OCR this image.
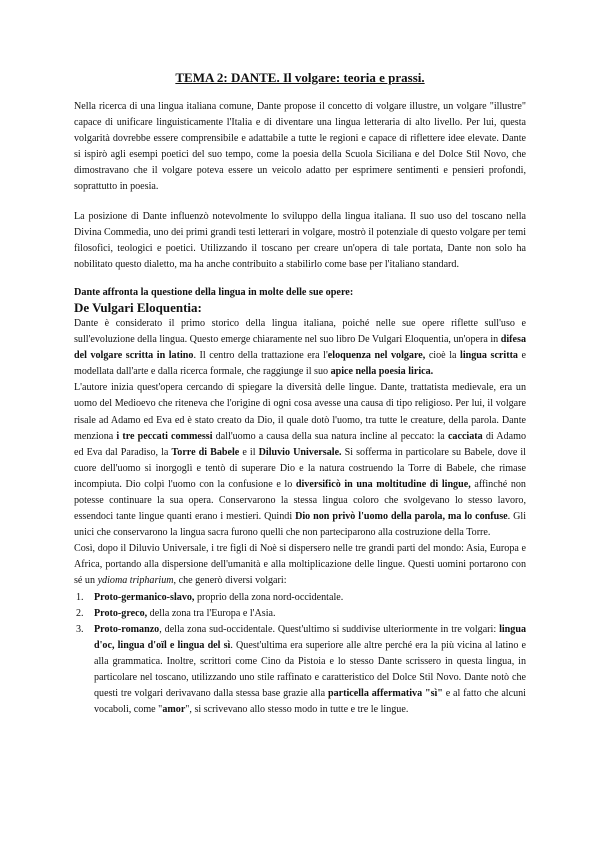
TEMA 2: DANTE. Il volgare: teoria e prassi.

Nella ricerca di una lingua italiana comune, Dante propose il concetto di volgare illustre, un volgare "illustre" capace di unificare linguisticamente l'Italia e di diventare una lingua letteraria di alto livello. Per lui, questa volgarità dovrebbe essere comprensibile e adattabile a tutte le regioni e capace di riflettere idee elevate. Dante si ispirò agli esempi poetici del suo tempo, come la poesia della Scuola Siciliana e del Dolce Stil Novo, che dimostravano che il volgare poteva essere un veicolo adatto per esprimere sentimenti e pensieri profondi, soprattutto in poesia.

La posizione di Dante influenzò notevolmente lo sviluppo della lingua italiana. Il suo uso del toscano nella Divina Commedia, uno dei primi grandi testi letterari in volgare, mostrò il potenziale di questo volgare per temi filosofici, teologici e poetici. Utilizzando il toscano per creare un'opera di tale portata, Dante non solo ha nobilitato questo dialetto, ma ha anche contribuito a stabilirlo come base per l'italiano standard.

Dante affronta la questione della lingua in molte delle sue opere:
De Vulgari Eloquentia:

Dante è considerato il primo storico della lingua italiana, poiché nelle sue opere riflette sull'uso e sull'evoluzione della lingua. Questo emerge chiaramente nel suo libro De Vulgari Eloquentia, un'opera in difesa del volgare scritta in latino. Il centro della trattazione era l'eloquenza nel volgare, cioè la lingua scritta e modellata dall'arte e dalla ricerca formale, che raggiunge il suo apice nella poesia lirica.

L'autore inizia quest'opera cercando di spiegare la diversità delle lingue. Dante, trattatista medievale, era un uomo del Medioevo che riteneva che l'origine di ogni cosa avesse una causa di tipo religioso. Per lui, il volgare risale ad Adamo ed Eva ed è stato creato da Dio, il quale dotò l'uomo, tra tutte le creature, della parola. Dante menziona i tre peccati commessi dall'uomo a causa della sua natura incline al peccato: la cacciata di Adamo ed Eva dal Paradiso, la Torre di Babele e il Diluvio Universale. Si sofferma in particolare su Babele, dove il cuore dell'uomo si inorgoglì e tentò di superare Dio e la natura costruendo la Torre di Babele, che rimase incompiuta. Dio colpì l'uomo con la confusione e lo diversificò in una moltitudine di lingue, affinché non potesse continuare la sua opera. Conservarono la stessa lingua coloro che svolgevano lo stesso lavoro, essendoci tante lingue quanti erano i mestieri. Quindi Dio non privò l'uomo della parola, ma lo confuse. Gli unici che conservarono la lingua sacra furono quelli che non parteciparono alla costruzione della Torre.

Così, dopo il Diluvio Universale, i tre figli di Noè si dispersero nelle tre grandi parti del mondo: Asia, Europa e Africa, portando alla dispersione dell'umanità e alla moltiplicazione delle lingue. Questi uomini portarono con sé un ydioma tripharium, che generò diversi volgari:

1. Proto-germanico-slavo, proprio della zona nord-occidentale.
2. Proto-greco, della zona tra l'Europa e l'Asia.
3. Proto-romanzo, della zona sud-occidentale. Quest'ultimo si suddivise ulteriormente in tre volgari: lingua d'oc, lingua d'oïl e lingua del sì. Quest'ultima era superiore alle altre perché era la più vicina al latino e alla grammatica. Inoltre, scrittori come Cino da Pistoia e lo stesso Dante scrissero in questa lingua, in particolare nel toscano, utilizzando uno stile raffinato e caratteristico del Dolce Stil Novo. Dante notò che questi tre volgari derivavano dalla stessa base grazie alla particella affermativa "sì" e al fatto che alcuni vocaboli, come "amor", si scrivevano allo stesso modo in tutte e tre le lingue.
